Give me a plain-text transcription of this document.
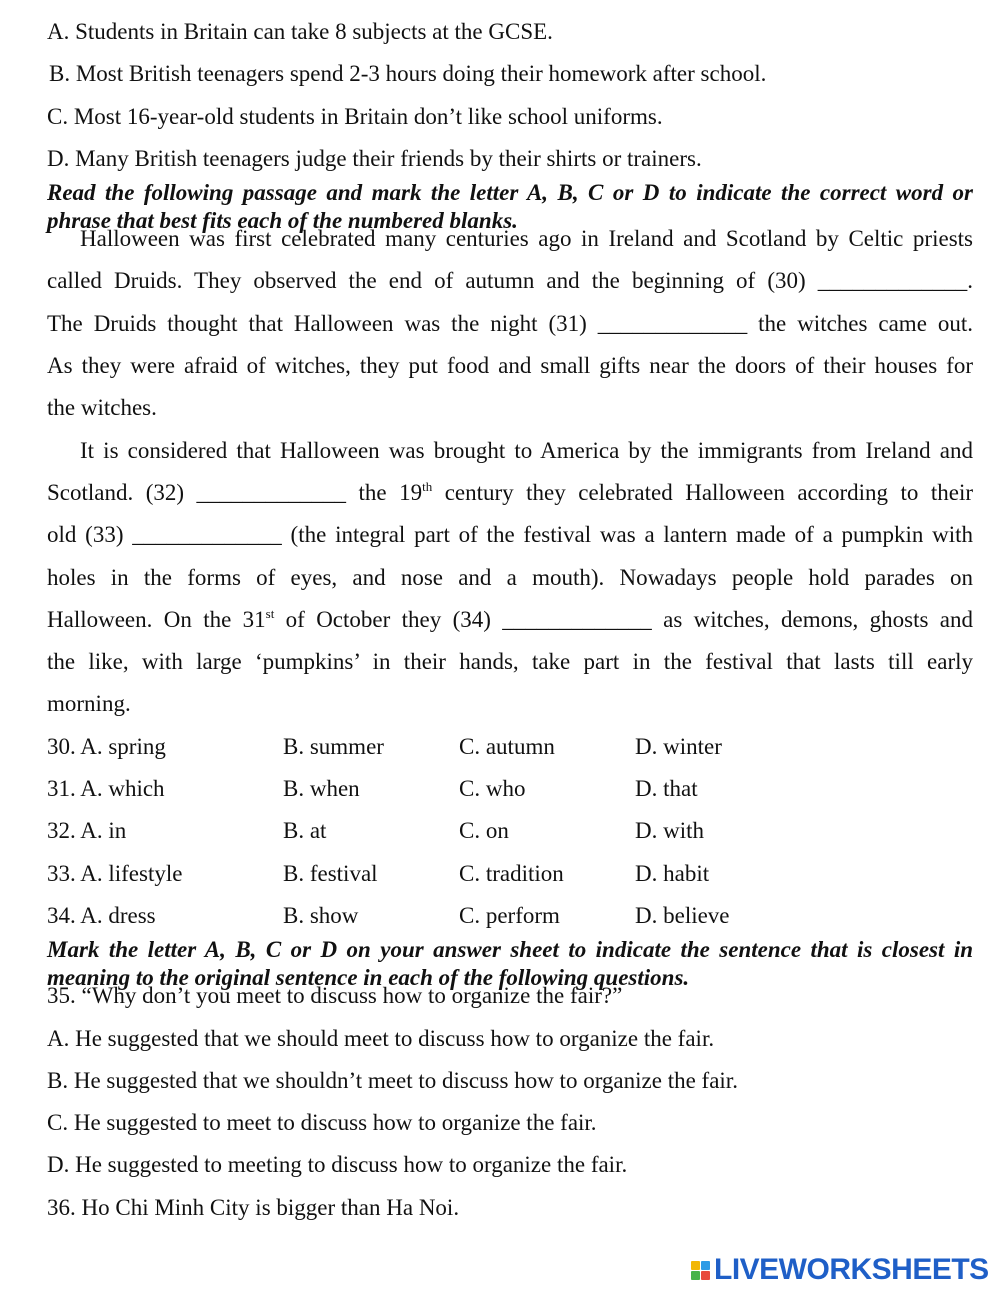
A. Students in Britain can take 8 subjects at the GCSE.
B. Most British teenagers spend 2-3 hours doing their homework after school.
C. Most 16-year-old students in Britain don’t like school uniforms.
D. Many British teenagers judge their friends by their shirts or trainers.
Read the following passage and mark the letter A, B, C or D to indicate the correct word or phrase that best fits each of the numbered blanks.
Halloween was first celebrated many centuries ago in Ireland and Scotland by Celtic priests
called Druids. They observed the end of autumn and the beginning of (30) _____________.
The Druids thought that Halloween was the night (31) _____________ the witches came out.
As they were afraid of witches, they put food and small gifts near the doors of their houses for
the witches.
It is considered that Halloween was brought to America by the immigrants from Ireland and
Scotland. (32) _____________ the 19th century they celebrated Halloween according to their
old (33) _____________ (the integral part of the festival was a lantern made of a pumpkin with
holes in the forms of eyes, and nose and a mouth). Nowadays people hold parades on
Halloween. On the 31st of October they (34) _____________ as witches, demons, ghosts and
the like, with large ‘pumpkins’ in their hands, take part in the festival that lasts till early
morning.
30. A. spring	B. summer	C. autumn	D. winter
31. A. which	B. when	C. who	D. that
32. A. in	B. at	C. on	D. with
33. A. lifestyle	B. festival	C. tradition	D. habit
34. A. dress	B. show	C. perform	D. believe
Mark the letter A, B, C or D on your answer sheet to indicate the sentence that is closest in meaning to the original sentence in each of the following questions.
35. “Why don’t you meet to discuss how to organize the fair?”
A. He suggested that we should meet to discuss how to organize the fair.
B. He suggested that we shouldn’t meet to discuss how to organize the fair.
C. He suggested to meet to discuss how to organize the fair.
D. He suggested to meeting to discuss how to organize the fair.
36. Ho Chi Minh City is bigger than Ha Noi.
LIVEWORKSHEETS
